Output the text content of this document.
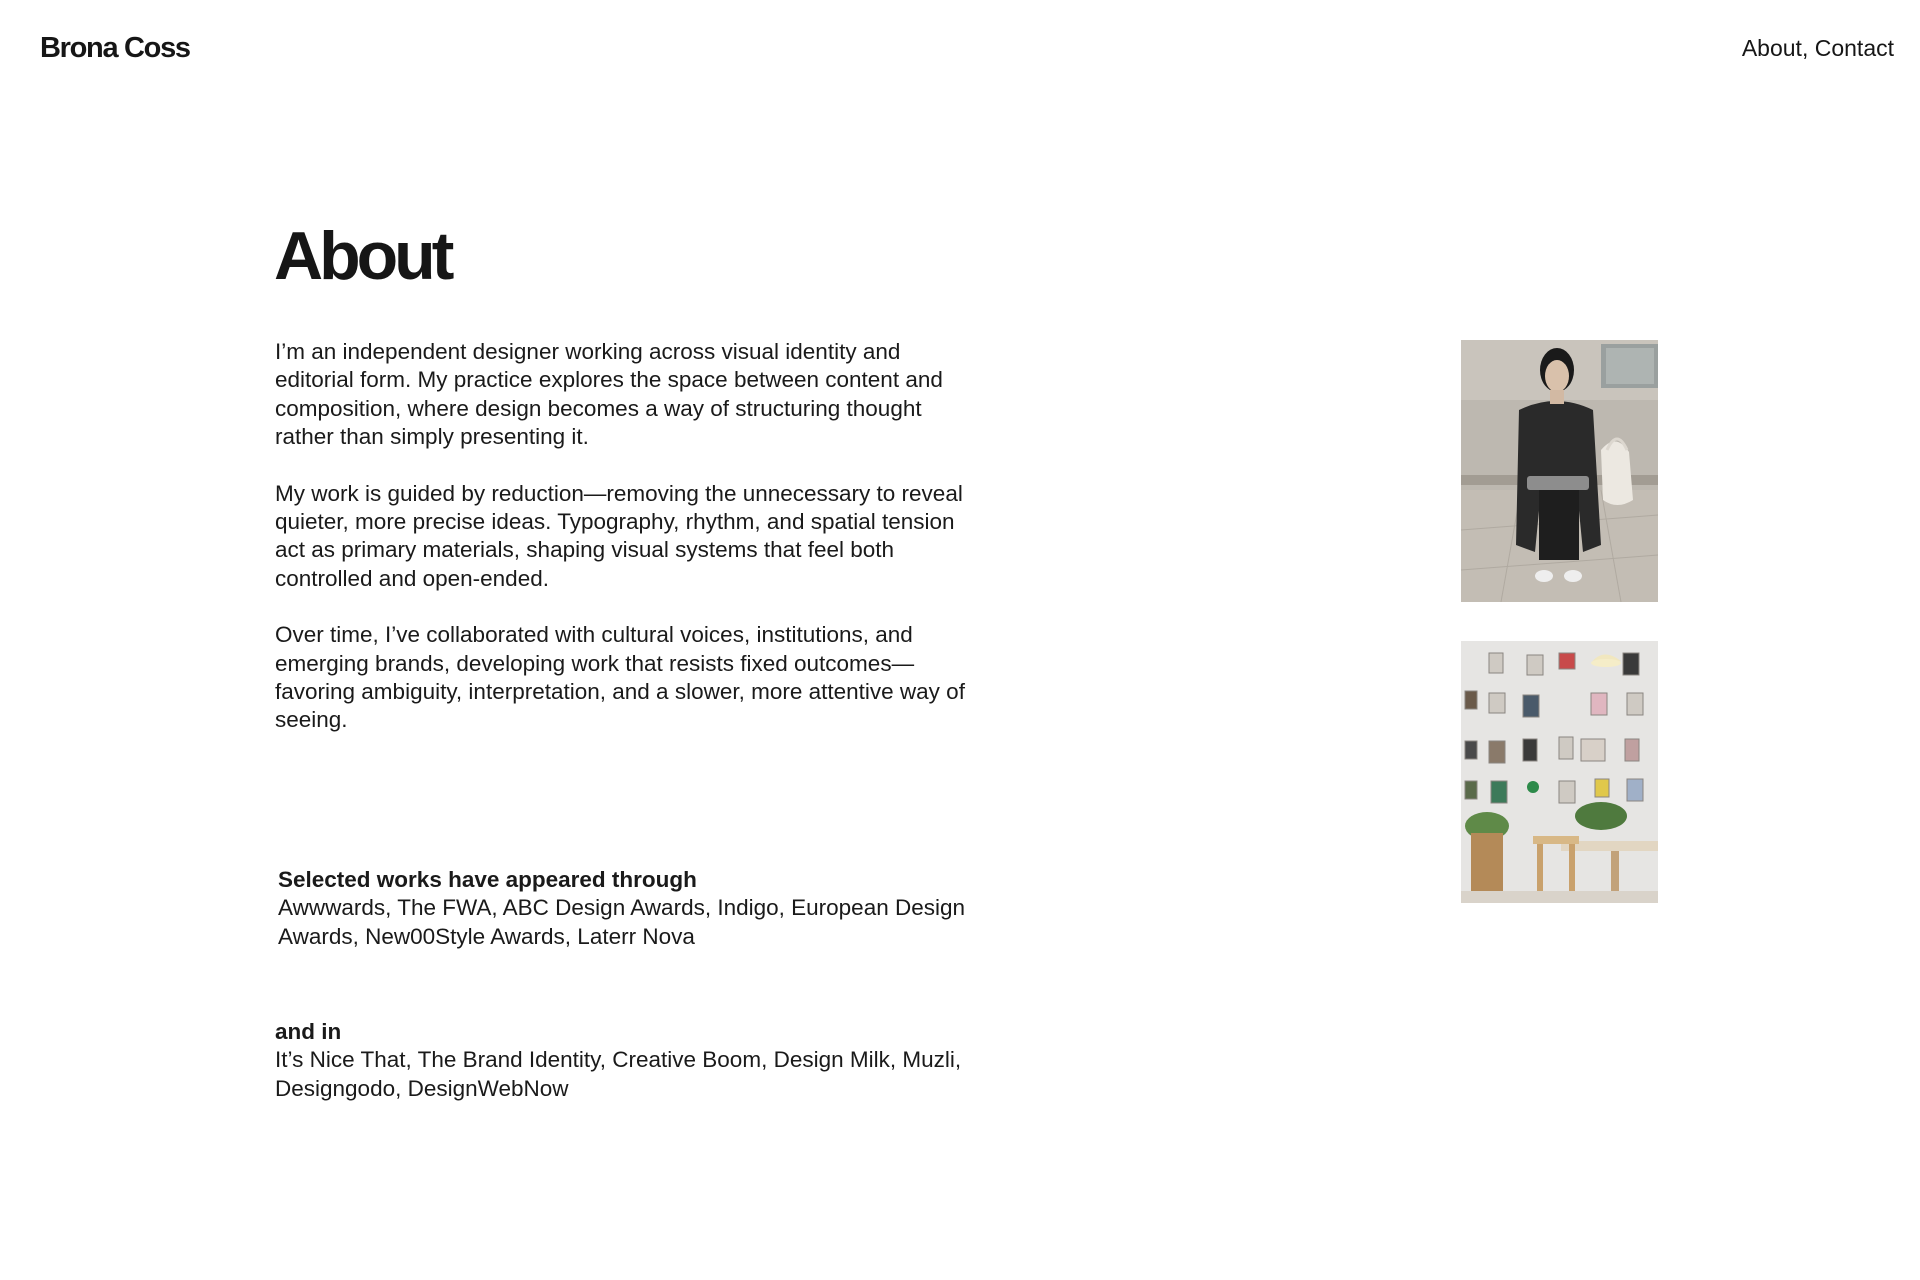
Brona Coss	About, Contact
About

I’m an independent designer working across visual identity and editorial form. My practice explores the space between content and composition, where design becomes a way of structuring thought rather than simply presenting it.

My work is guided by reduction—removing the unnecessary to reveal quieter, more precise ideas. Typography, rhythm, and spatial tension act as primary materials, shaping visual systems that feel both controlled and open-ended.

Over time, I’ve collaborated with cultural voices, institutions, and emerging brands, developing work that resists fixed outcomes—favoring ambiguity, interpretation, and a slower, more attentive way of seeing.

Selected works have appeared through
Awwwards, The FWA, ABC Design Awards, Indigo, European Design Awards, New00Style Awards, Laterr Nova
and in
It’s Nice That, The Brand Identity, Creative Boom, Design Milk, Muzli, Designgodo, DesignWebNow
